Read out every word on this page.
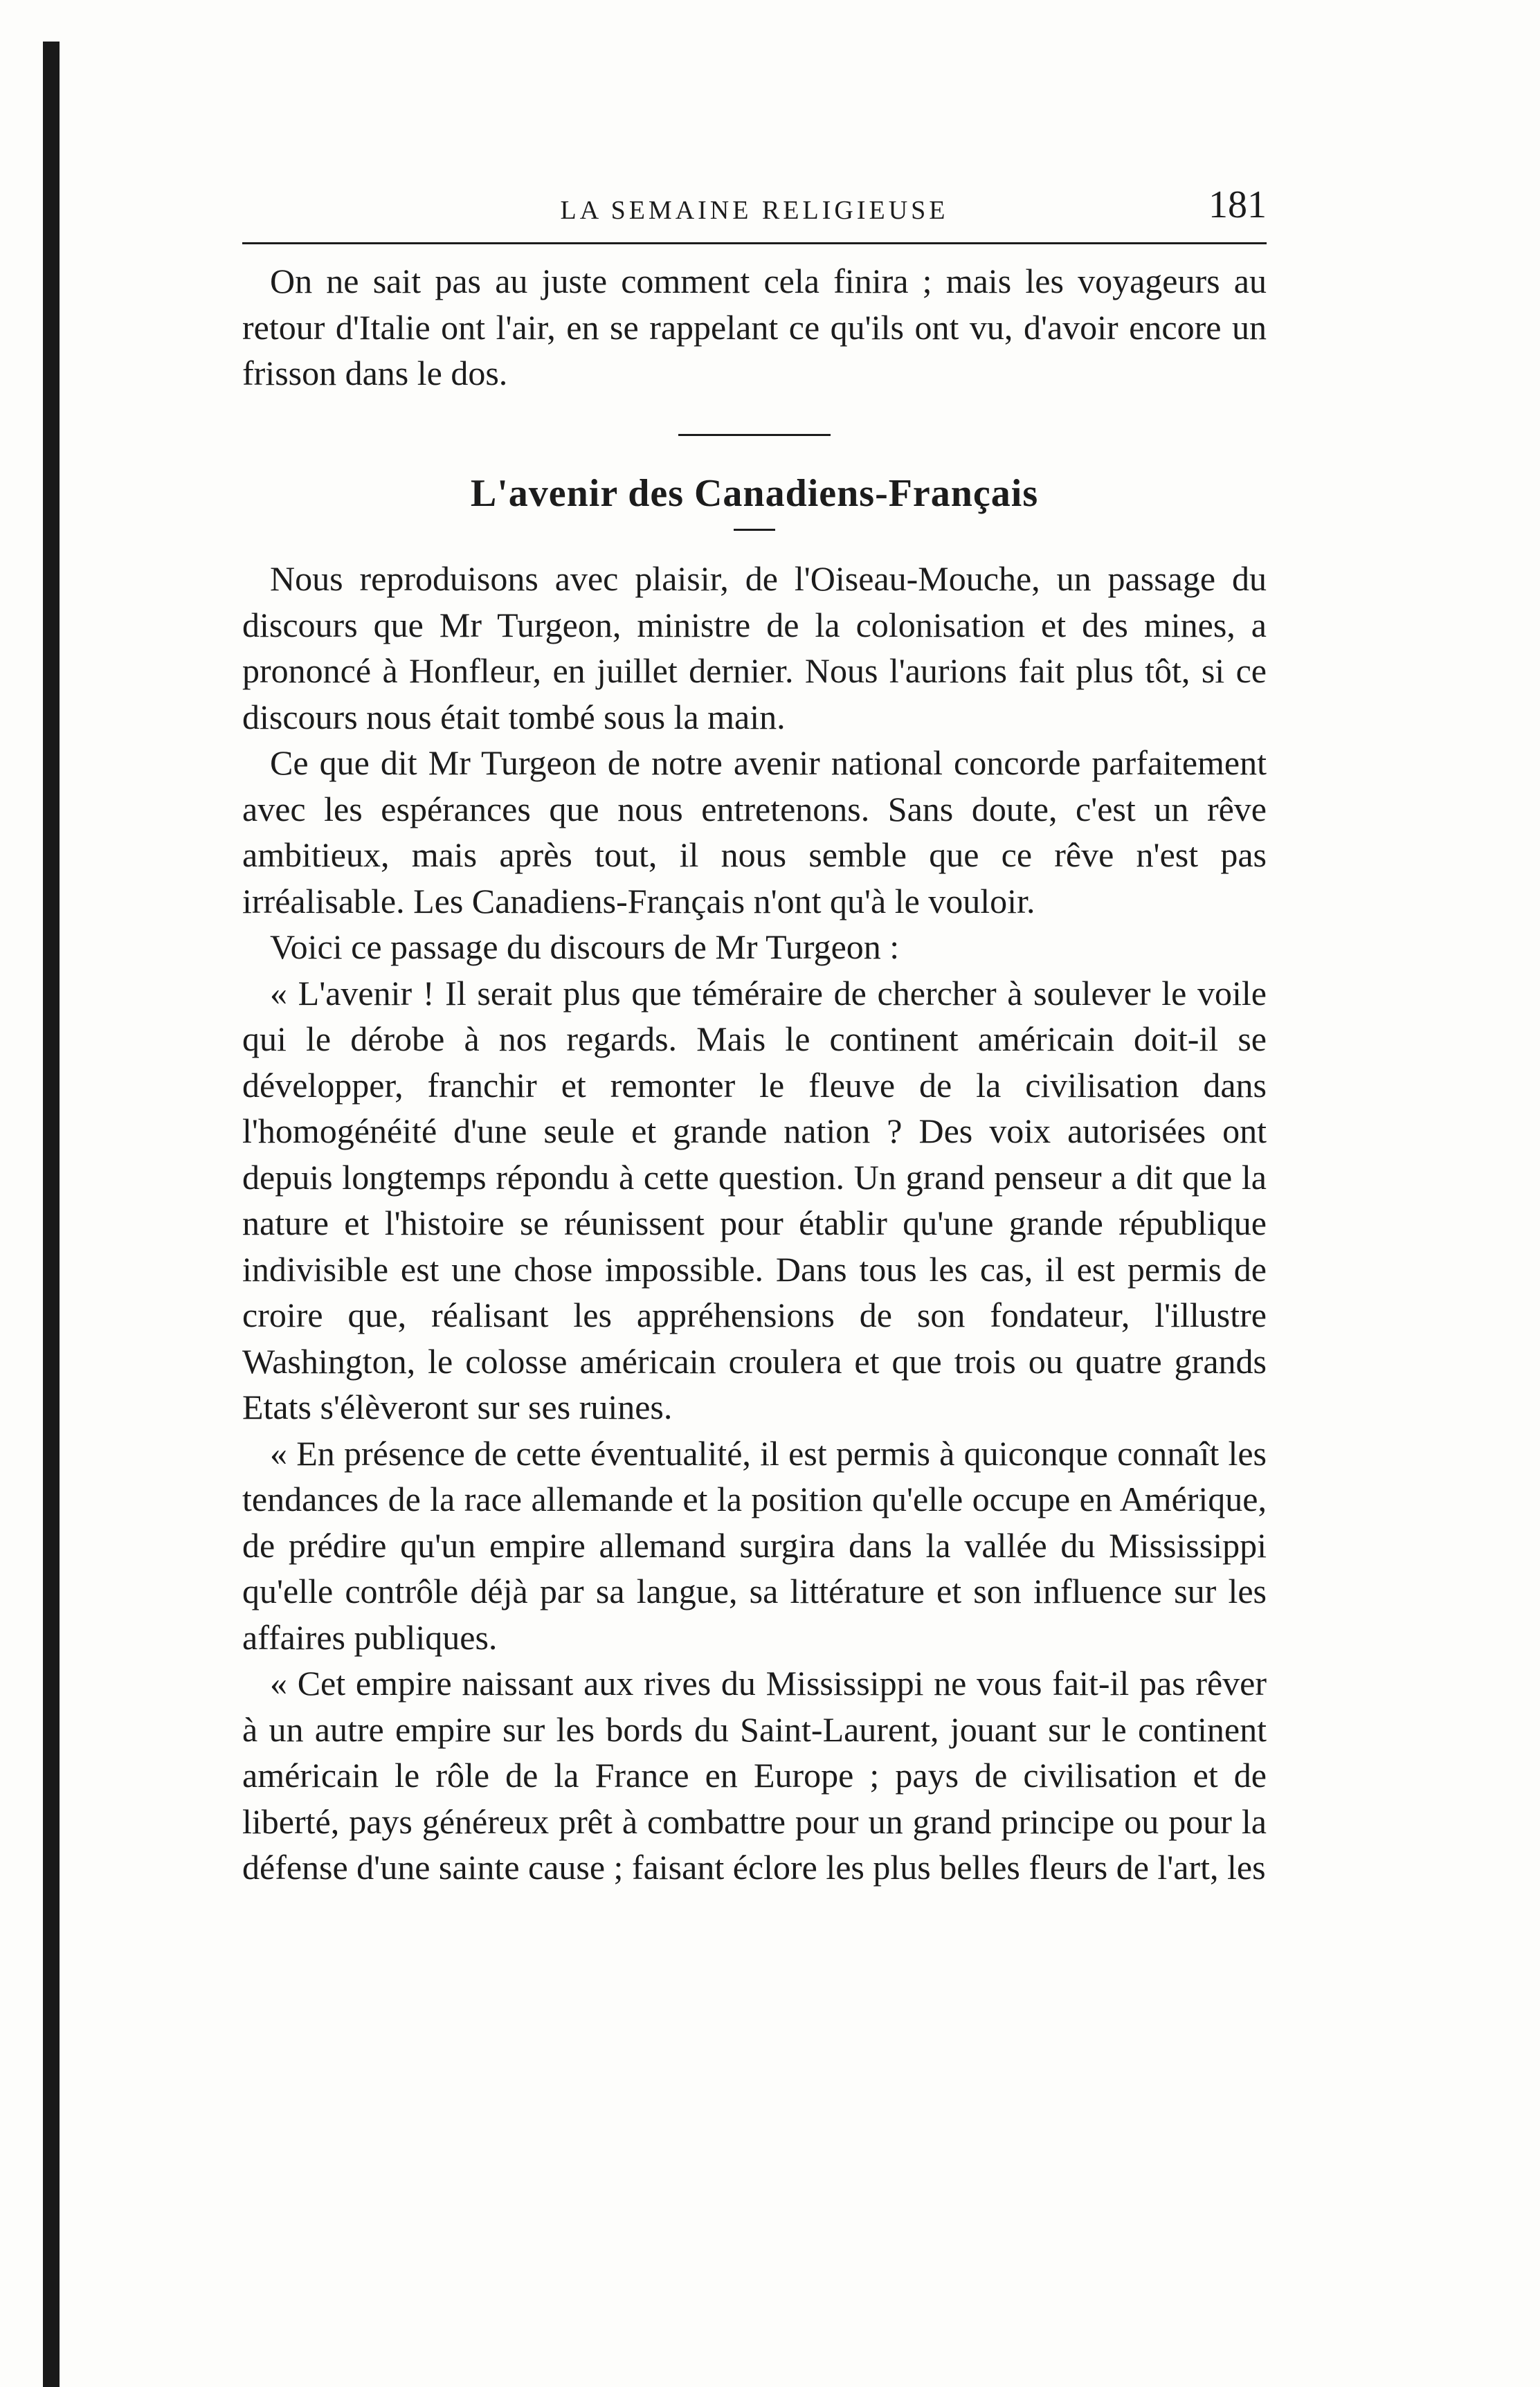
LA SEMAINE RELIGIEUSE	181

On ne sait pas au juste comment cela finira ; mais les voyageurs au retour d'Italie ont l'air, en se rappelant ce qu'ils ont vu, d'avoir encore un frisson dans le dos.

L'avenir des Canadiens-Français

Nous reproduisons avec plaisir, de l'Oiseau-Mouche, un passage du discours que Mr Turgeon, ministre de la colonisation et des mines, a prononcé à Honfleur, en juillet dernier. Nous l'aurions fait plus tôt, si ce discours nous était tombé sous la main.

Ce que dit Mr Turgeon de notre avenir national concorde parfaitement avec les espérances que nous entretenons. Sans doute, c'est un rêve ambitieux, mais après tout, il nous semble que ce rêve n'est pas irréalisable. Les Canadiens-Français n'ont qu'à le vouloir.

Voici ce passage du discours de Mr Turgeon :

« L'avenir ! Il serait plus que téméraire de chercher à soulever le voile qui le dérobe à nos regards. Mais le continent américain doit-il se développer, franchir et remonter le fleuve de la civilisation dans l'homogénéité d'une seule et grande nation ? Des voix autorisées ont depuis longtemps répondu à cette question. Un grand penseur a dit que la nature et l'histoire se réunissent pour établir qu'une grande république indivisible est une chose impossible. Dans tous les cas, il est permis de croire que, réalisant les appréhensions de son fondateur, l'illustre Washington, le colosse américain croulera et que trois ou quatre grands Etats s'élèveront sur ses ruines.

« En présence de cette éventualité, il est permis à quiconque connaît les tendances de la race allemande et la position qu'elle occupe en Amérique, de prédire qu'un empire allemand surgira dans la vallée du Mississippi qu'elle contrôle déjà par sa langue, sa littérature et son influence sur les affaires publiques.

« Cet empire naissant aux rives du Mississippi ne vous fait-il pas rêver à un autre empire sur les bords du Saint-Laurent, jouant sur le continent américain le rôle de la France en Europe ; pays de civilisation et de liberté, pays généreux prêt à combattre pour un grand principe ou pour la défense d'une sainte cause ; faisant éclore les plus belles fleurs de l'art, les
